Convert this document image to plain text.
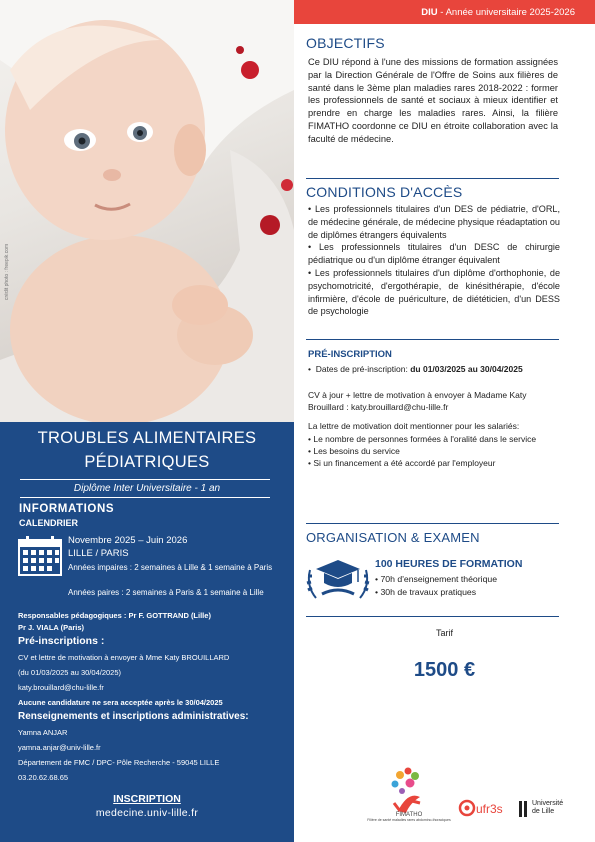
crédit photo : freepik.com
TROUBLES ALIMENTAIRES
PÉDIATRIQUES
Diplôme Inter Universitaire - 1 an
INFORMATIONS
CALENDRIER
Novembre 2025 – Juin 2026
LILLE / PARIS
Années impaires : 2 semaines à Lille & 1 semaine à Paris
Années paires : 2 semaines à Paris & 1 semaine à Lille
Responsables pédagogiques : Pr F. GOTTRAND (Lille)
Pr J. VIALA (Paris)
Pré-inscriptions :
CV et lettre de motivation à envoyer à Mme Katy BROUILLARD
(du 01/03/2025 au 30/04/2025)
katy.brouillard@chu-lille.fr
Aucune candidature ne sera acceptée après le 30/04/2025
Renseignements et inscriptions administratives:
Yamna ANJAR
yamna.anjar@univ-lille.fr
Département de FMC / DPC- Pôle Recherche - 59045 LILLE
03.20.62.68.65
INSCRIPTION
medecine.univ-lille.fr
DIU - Année universitaire 2025-2026
OBJECTIFS
Ce DIU répond à l'une des missions de formation assignées par la Direction Générale de l'Offre de Soins aux filières de santé dans le 3ème plan maladies rares 2018-2022 : former les professionnels de santé et sociaux à mieux identifier et prendre en charge les maladies rares. Ainsi, la filière FIMATHO coordonne ce DIU en étroite collaboration avec la faculté de médecine.
CONDITIONS D'ACCÈS
• Les professionnels titulaires d'un DES de pédiatrie, d'ORL, de médecine générale, de médecine physique réadaptation ou de diplômes étrangers équivalents
• Les professionnels titulaires d'un DESC de chirurgie pédiatrique ou d'un diplôme étranger équivalent
• Les professionnels titulaires d'un diplôme d'orthophonie, de psychomotricité, d'ergothérapie, de kinésithérapie, d'école infirmière, d'école de puériculture, de diététicien, d'un DESS de psychologie
PRÉ-INSCRIPTION
•  Dates de pré-inscription: du 01/03/2025 au 30/04/2025
CV à jour + lettre de motivation à envoyer à Madame Katy Brouillard : katy.brouillard@chu-lille.fr
La lettre de motivation doit mentionner pour les salariés:
• Le nombre de personnes formées à l'oralité dans le service
• Les besoins du service
• Si un financement a été accordé par l'employeur
ORGANISATION & EXAMEN
100 HEURES DE FORMATION
• 70h d'enseignement théorique
• 30h de travaux pratiques
Tarif
1500 €
FIMATHO
Filière de santé maladies rares abdomino-thoraciques
ufr3s	Université
de Lille
